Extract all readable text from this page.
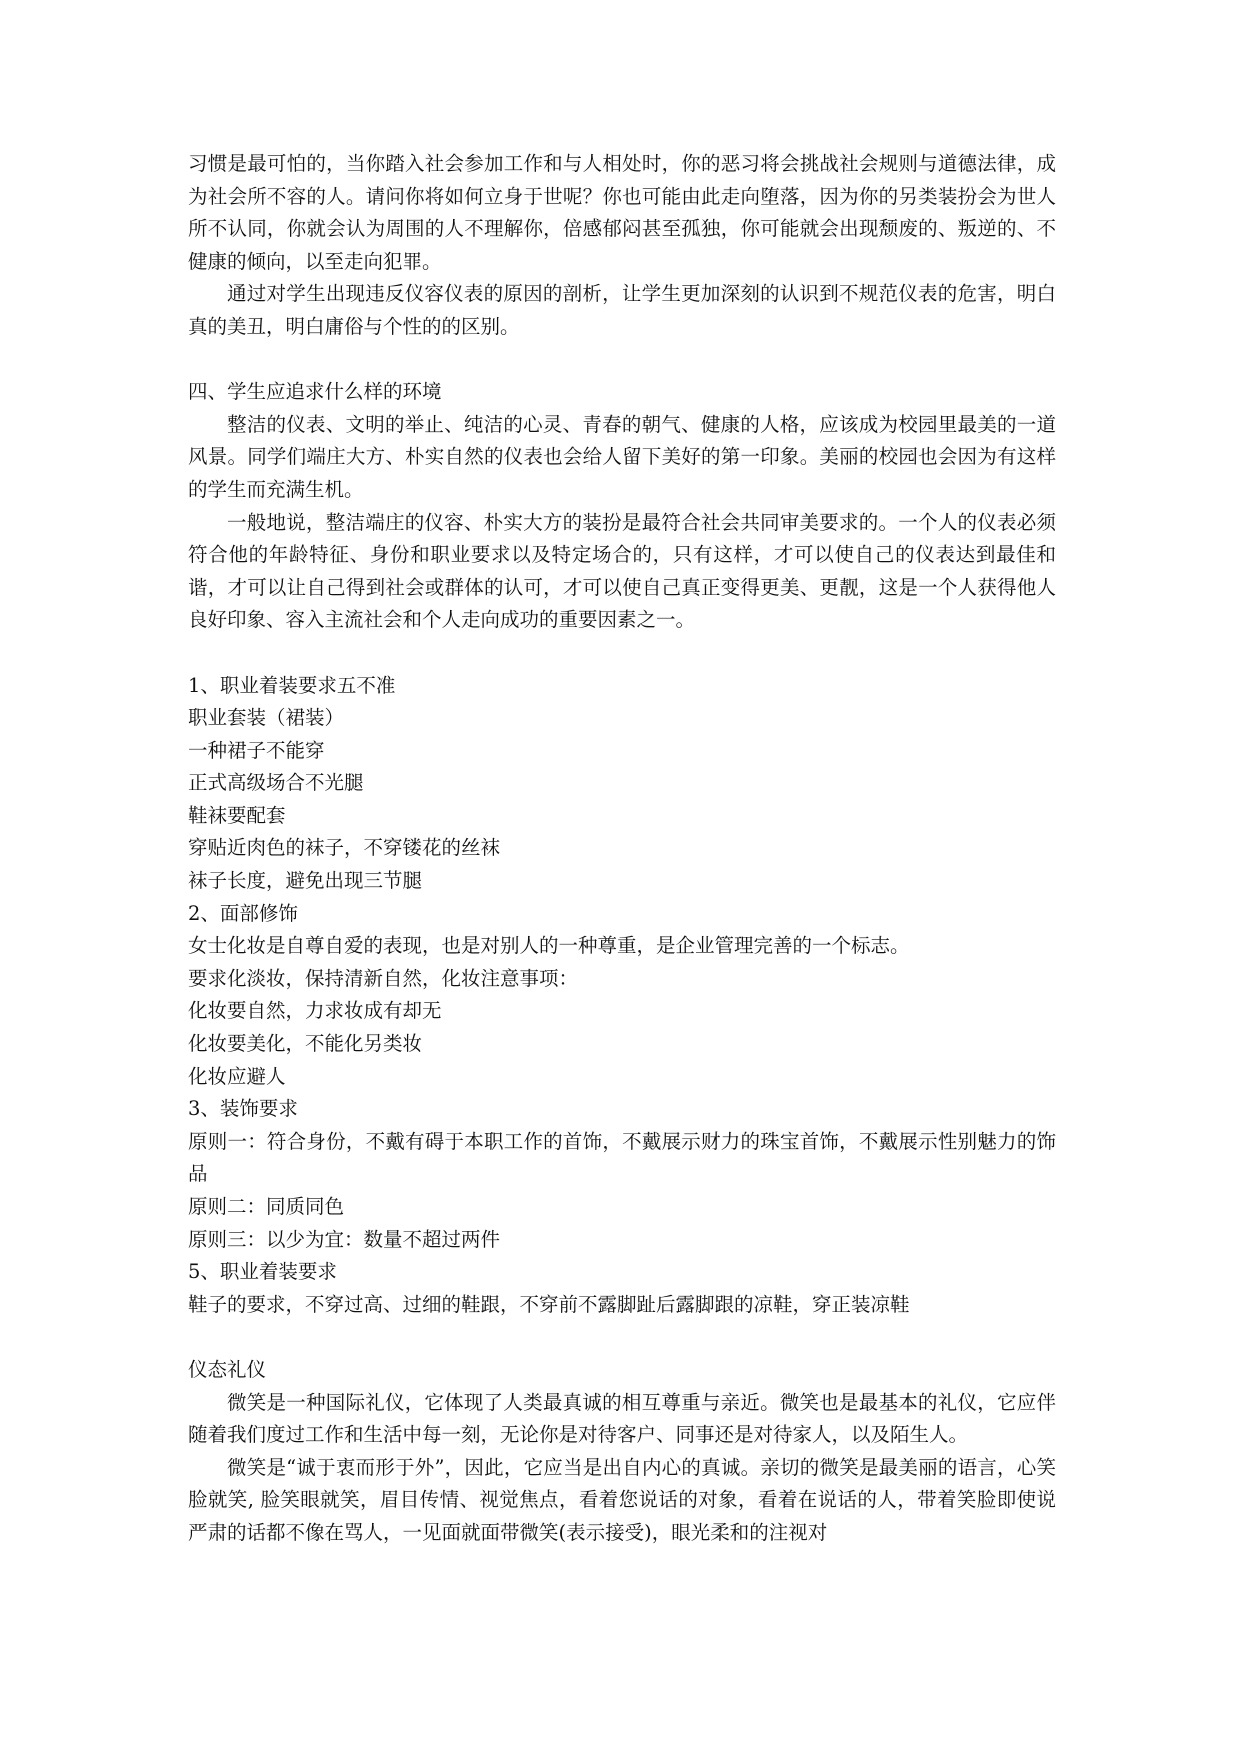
习惯是最可怕的，当你踏入社会参加工作和与人相处时，你的恶习将会挑战社会规则与道德法律，成为社会所不容的人。请问你将如何立身于世呢？你也可能由此走向堕落，因为你的另类装扮会为世人所不认同，你就会认为周围的人不理解你，倍感郁闷甚至孤独，你可能就会出现颓废的、叛逆的、不健康的倾向，以至走向犯罪。

通过对学生出现违反仪容仪表的原因的剖析，让学生更加深刻的认识到不规范仪表的危害，明白真的美丑，明白庸俗与个性的的区别。

四、学生应追求什么样的环境

整洁的仪表、文明的举止、纯洁的心灵、青春的朝气、健康的人格，应该成为校园里最美的一道风景。同学们端庄大方、朴实自然的仪表也会给人留下美好的第一印象。美丽的校园也会因为有这样的学生而充满生机。

一般地说，整洁端庄的仪容、朴实大方的装扮是最符合社会共同审美要求的。一个人的仪表必须符合他的年龄特征、身份和职业要求以及特定场合的，只有这样，才可以使自己的仪表达到最佳和谐，才可以让自己得到社会或群体的认可，才可以使自己真正变得更美、更靓，这是一个人获得他人良好印象、容入主流社会和个人走向成功的重要因素之一。

1、职业着装要求五不准

职业套装（裙装）

一种裙子不能穿

正式高级场合不光腿

鞋袜要配套

穿贴近肉色的袜子，不穿镂花的丝袜

袜子长度，避免出现三节腿

2、面部修饰

女士化妆是自尊自爱的表现，也是对别人的一种尊重，是企业管理完善的一个标志。

要求化淡妆，保持清新自然，化妆注意事项：

化妆要自然，力求妆成有却无

化妆要美化，不能化另类妆

化妆应避人

3、装饰要求

原则一：符合身份，不戴有碍于本职工作的首饰，不戴展示财力的珠宝首饰，不戴展示性别魅力的饰品

原则二：同质同色

原则三：以少为宜：数量不超过两件

5、职业着装要求

鞋子的要求，不穿过高、过细的鞋跟，不穿前不露脚趾后露脚跟的凉鞋，穿正装凉鞋

仪态礼仪

微笑是一种国际礼仪，它体现了人类最真诚的相互尊重与亲近。微笑也是最基本的礼仪，它应伴随着我们度过工作和生活中每一刻，无论你是对待客户、同事还是对待家人，以及陌生人。

微笑是“诚于衷而形于外”，因此，它应当是出自内心的真诚。亲切的微笑是最美丽的语言，心笑脸就笑, 脸笑眼就笑，眉目传情、视觉焦点，看着您说话的对象，看着在说话的人，带着笑脸即使说严肃的话都不像在骂人，一见面就面带微笑(表示接受)，眼光柔和的注视对
